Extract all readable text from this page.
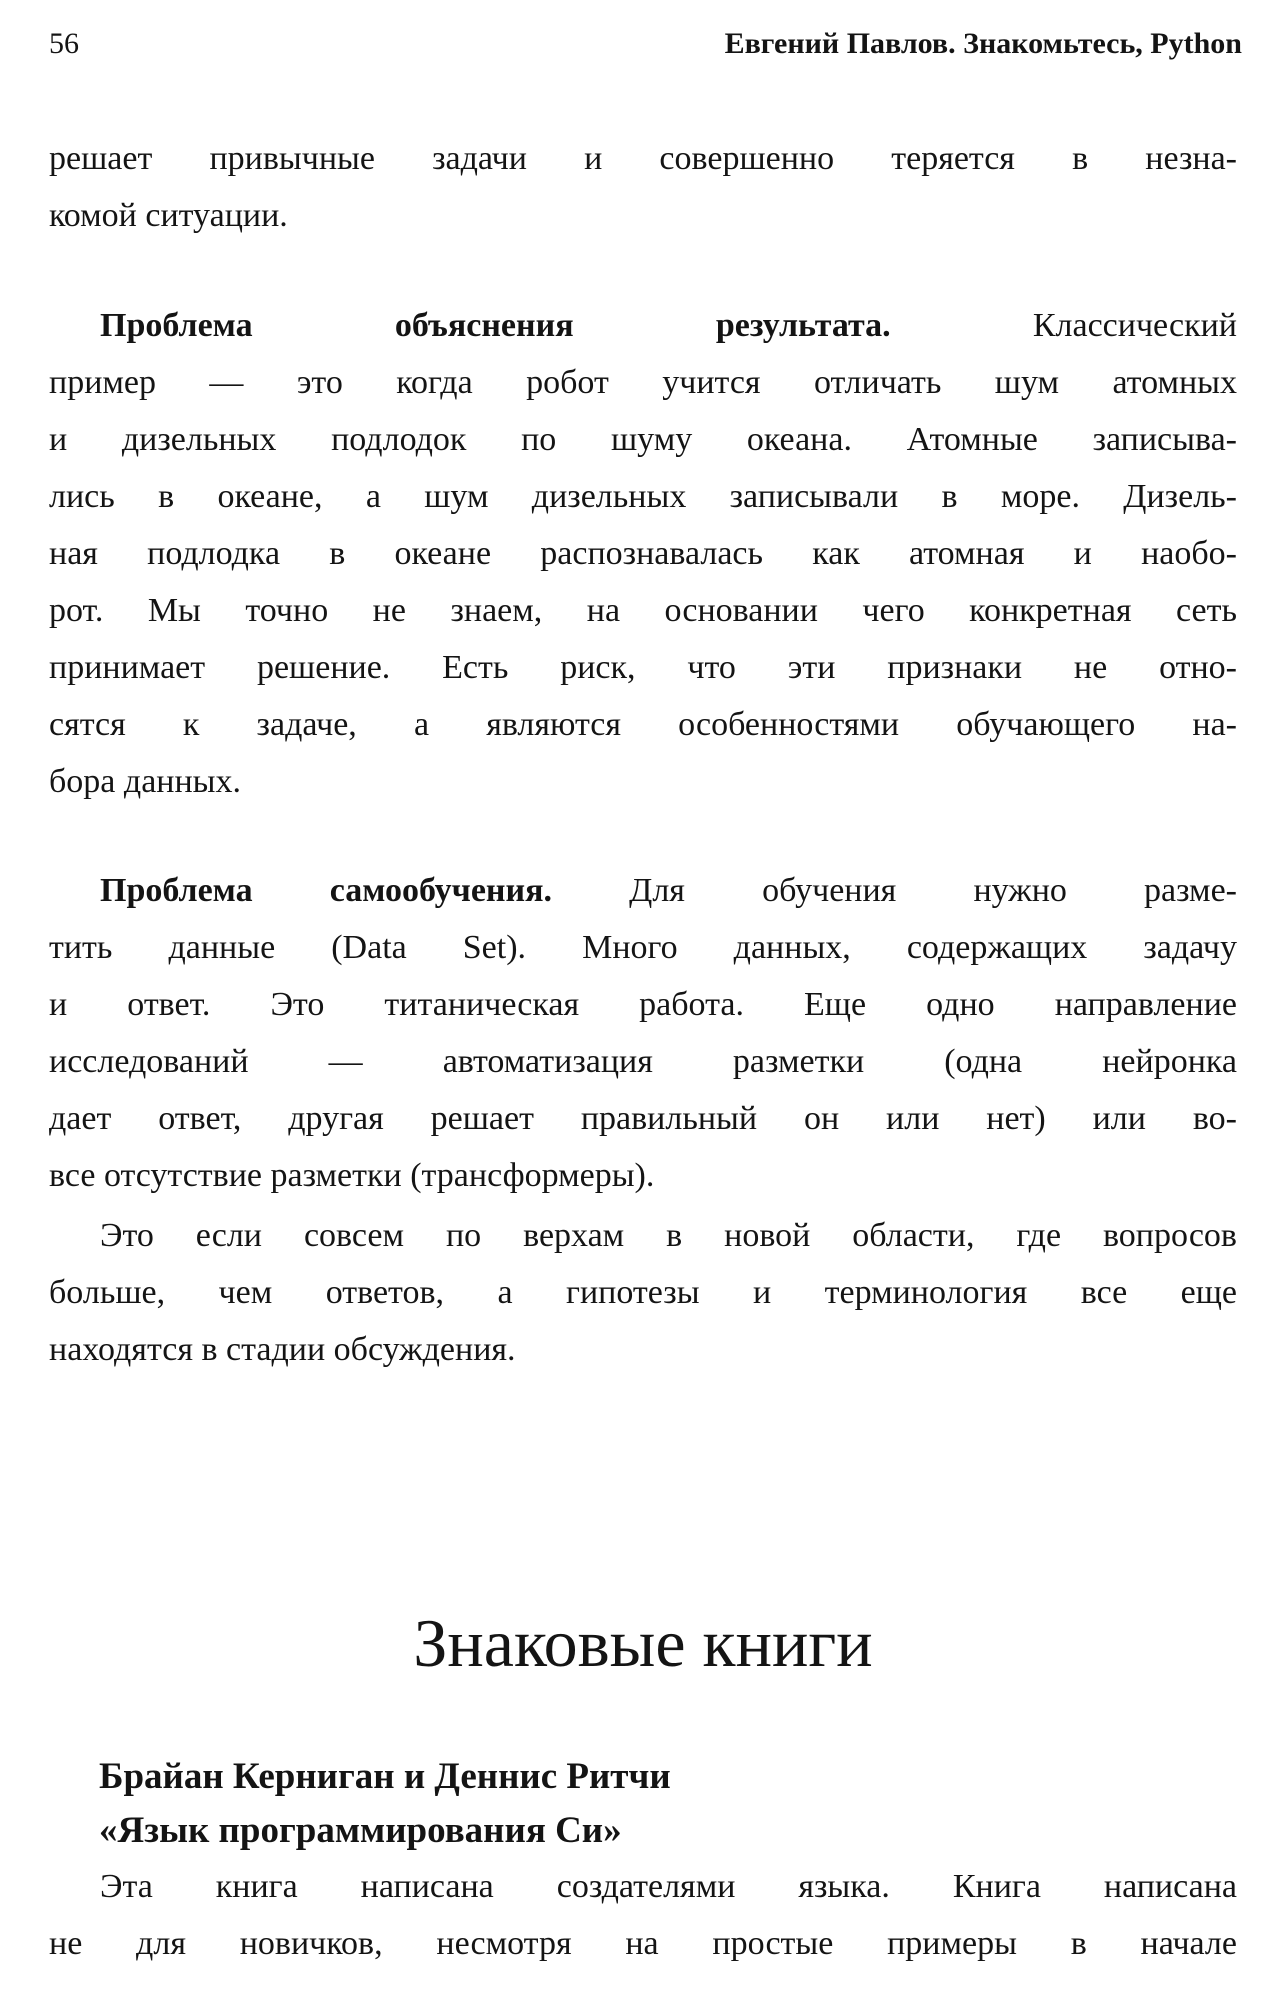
56	Евгений Павлов. Знакомьтесь, Python
решает привычные задачи и совершенно теряется в незна-
комой ситуации.
Проблема объяснения результата. Классический
пример — это когда робот учится отличать шум атомных
и дизельных подлодок по шуму океана. Атомные записыва-
лись в океане, а шум дизельных записывали в море. Дизель-
ная подлодка в океане распознавалась как атомная и наобо-
рот. Мы точно не знаем, на основании чего конкретная сеть
принимает решение. Есть риск, что эти признаки не отно-
сятся к задаче, а являются особенностями обучающего на-
бора данных.
Проблема самообучения. Для обучения нужно разме-
тить данные (Data Set). Много данных, содержащих задачу
и ответ. Это титаническая работа. Еще одно направление
исследований — автоматизация разметки (одна нейронка
дает ответ, другая решает правильный он или нет) или во-
все отсутствие разметки (трансформеры).
Это если совсем по верхам в новой области, где вопросов
больше, чем ответов, а гипотезы и терминология все еще
находятся в стадии обсуждения.
Знаковые книги
Брайан Керниган и Деннис Ритчи
«Язык программирования Си»
Эта книга написана создателями языка. Книга написана
не для новичков, несмотря на простые примеры в начале
